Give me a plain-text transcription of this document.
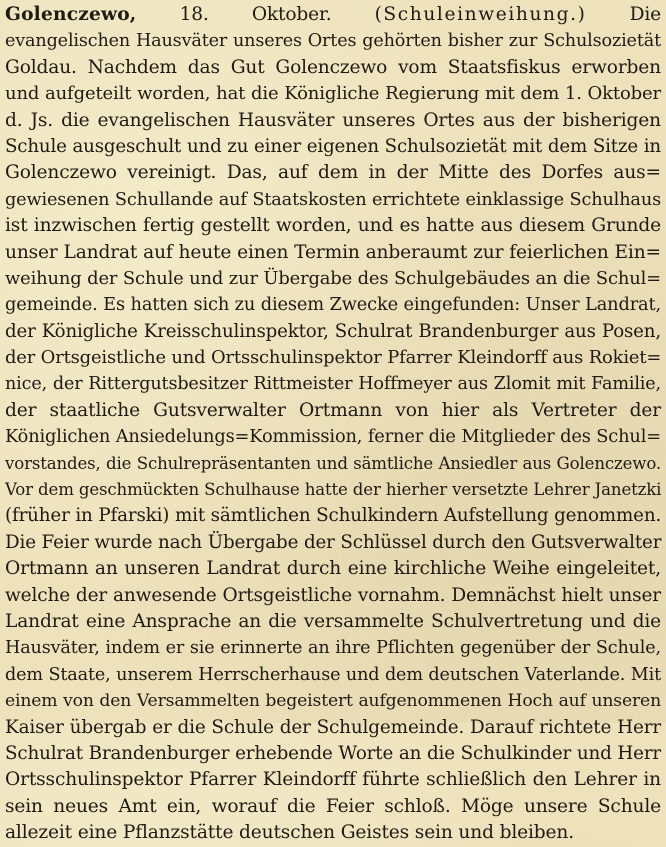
Golenczewo, 18. Oktober. (Schuleinweihung.) Die
evangelischen Hausväter unseres Ortes gehörten bisher zur Schulsozietät
Goldau. Nachdem das Gut Golenczewo vom Staatsfiskus erworben
und aufgeteilt worden, hat die Königliche Regierung mit dem 1. Oktober
d. Js. die evangelischen Hausväter unseres Ortes aus der bisherigen
Schule ausgeschult und zu einer eigenen Schulsozietät mit dem Sitze in
Golenczewo vereinigt. Das, auf dem in der Mitte des Dorfes aus=
gewiesenen Schullande auf Staatskosten errichtete einklassige Schulhaus
ist inzwischen fertig gestellt worden, und es hatte aus diesem Grunde
unser Landrat auf heute einen Termin anberaumt zur feierlichen Ein=
weihung der Schule und zur Übergabe des Schulgebäudes an die Schul=
gemeinde. Es hatten sich zu diesem Zwecke eingefunden: Unser Landrat,
der Königliche Kreisschulinspektor, Schulrat Brandenburger aus Posen,
der Ortsgeistliche und Ortsschulinspektor Pfarrer Kleindorff aus Rokiet=
nice, der Rittergutsbesitzer Rittmeister Hoffmeyer aus Zlomit mit Familie,
der staatliche Gutsverwalter Ortmann von hier als Vertreter der
Königlichen Ansiedelungs=Kommission, ferner die Mitglieder des Schul=
vorstandes, die Schulrepräsentanten und sämtliche Ansiedler aus Golenczewo.
Vor dem geschmückten Schulhause hatte der hierher versetzte Lehrer Janetzki
(früher in Pfarski) mit sämtlichen Schulkindern Aufstellung genommen.
Die Feier wurde nach Übergabe der Schlüssel durch den Gutsverwalter
Ortmann an unseren Landrat durch eine kirchliche Weihe eingeleitet,
welche der anwesende Ortsgeistliche vornahm. Demnächst hielt unser
Landrat eine Ansprache an die versammelte Schulvertretung und die
Hausväter, indem er sie erinnerte an ihre Pflichten gegenüber der Schule,
dem Staate, unserem Herrscherhause und dem deutschen Vaterlande. Mit
einem von den Versammelten begeistert aufgenommenen Hoch auf unseren
Kaiser übergab er die Schule der Schulgemeinde. Darauf richtete Herr
Schulrat Brandenburger erhebende Worte an die Schulkinder und Herr
Ortsschulinspektor Pfarrer Kleindorff führte schließlich den Lehrer in
sein neues Amt ein, worauf die Feier schloß. Möge unsere Schule
allezeit eine Pflanzstätte deutschen Geistes sein und bleiben.
